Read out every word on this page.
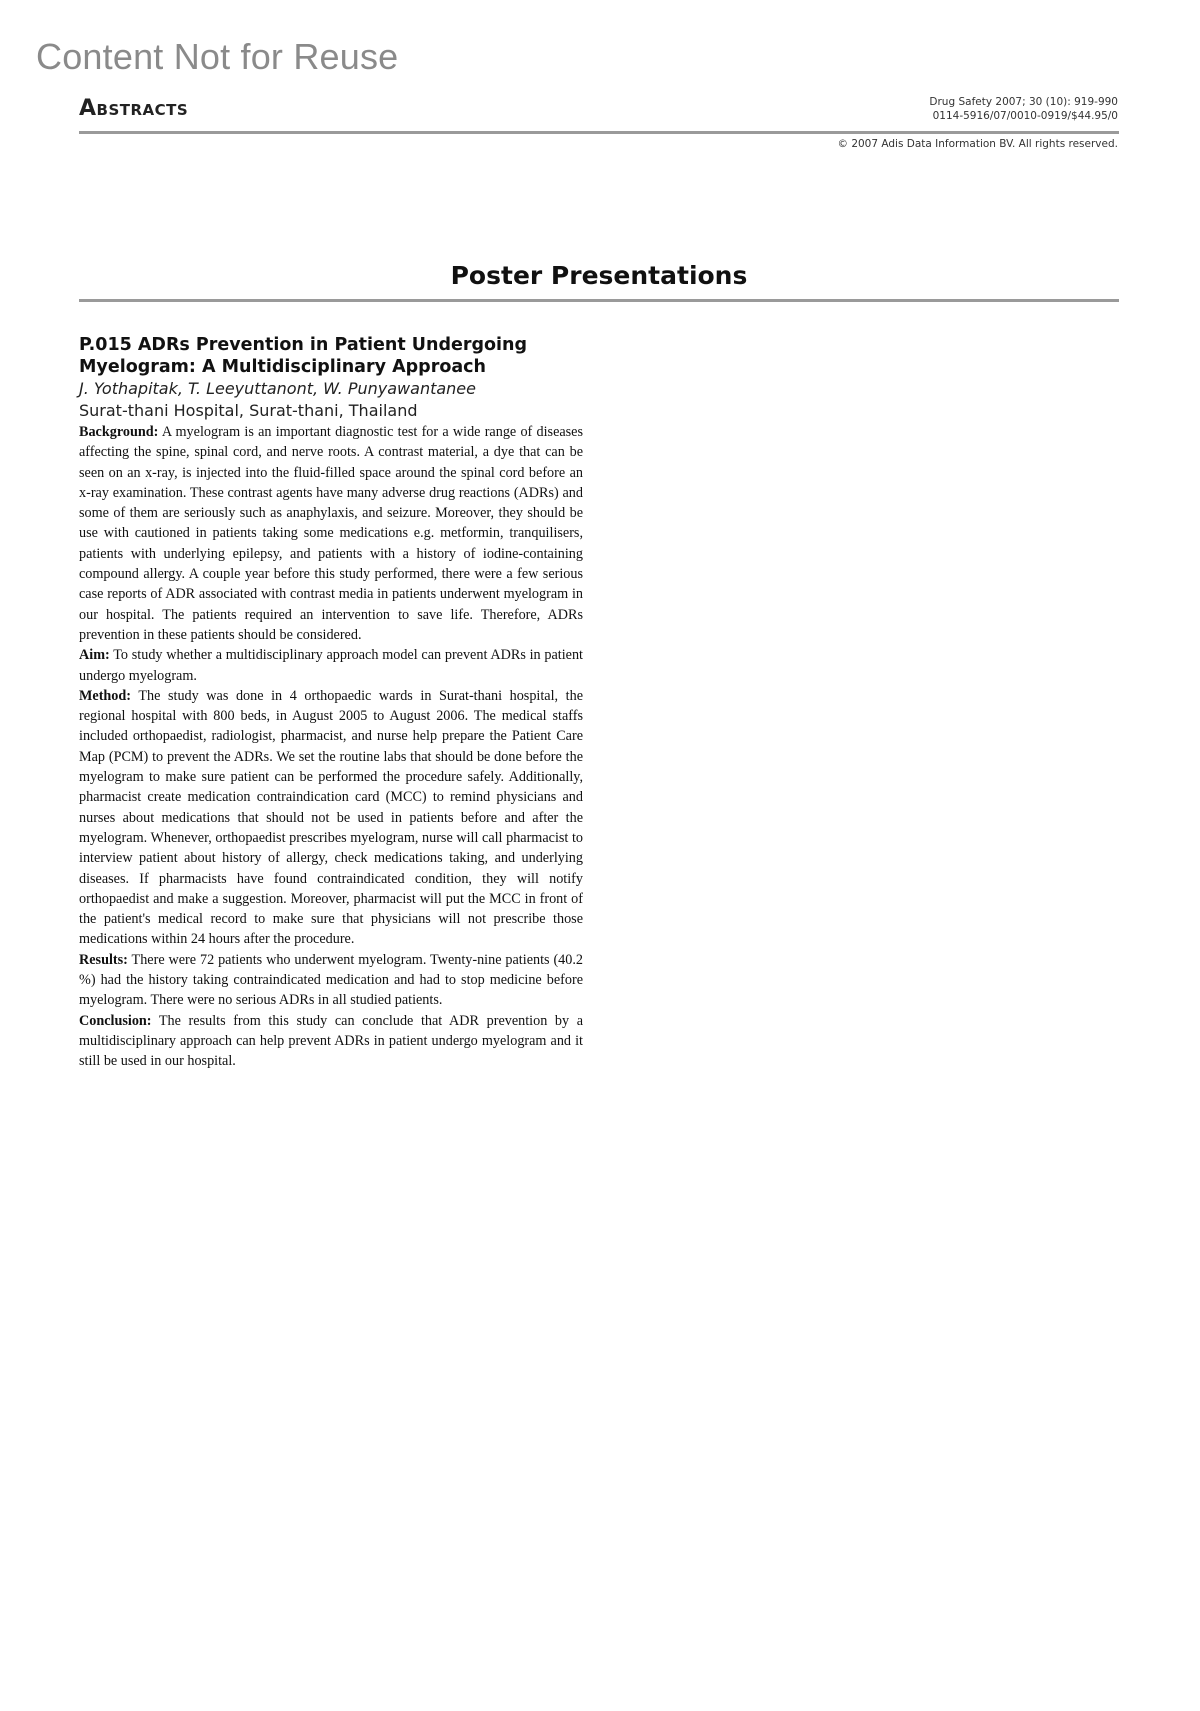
Content Not for Reuse
Abstracts	Drug Safety 2007; 30 (10): 919-990
0114-5916/07/0010-0919/$44.95/0
© 2007 Adis Data Information BV. All rights reserved.
Poster Presentations

P.015 ADRs Prevention in Patient Undergoing

Myelogram: A Multidisciplinary Approach

J. Yothapitak, T. Leeyuttanont, W. Punyawantanee

Surat-thani Hospital, Surat-thani, Thailand

Background: A myelogram is an important diagnostic test for a wide range of diseases affecting the spine, spinal cord, and nerve roots. A contrast material, a dye that can be seen on an x-ray, is injected into the fluid-filled space around the spinal cord before an x-ray examination. These contrast agents have many adverse drug reactions (ADRs) and some of them are seriously such as anaphylaxis, and seizure. Moreover, they should be use with cautioned in patients taking some medications e.g. metformin, tranquilisers, patients with underlying epilepsy, and patients with a history of iodine-containing compound allergy. A couple year before this study performed, there were a few serious case reports of ADR associated with contrast media in patients underwent myelogram in our hospital. The patients required an intervention to save life. Therefore, ADRs prevention in these patients should be considered.

Aim: To study whether a multidisciplinary approach model can prevent ADRs in patient undergo myelogram.

Method: The study was done in 4 orthopaedic wards in Surat-thani hospital, the regional hospital with 800 beds, in August 2005 to August 2006. The medical staffs included orthopaedist, radiologist, pharmacist, and nurse help prepare the Patient Care Map (PCM) to prevent the ADRs. We set the routine labs that should be done before the myelogram to make sure patient can be performed the procedure safely. Additionally, pharmacist create medication contraindication card (MCC) to remind physicians and nurses about medications that should not be used in patients before and after the myelogram. Whenever, orthopaedist prescribes myelogram, nurse will call pharmacist to interview patient about history of allergy, check medications taking, and underlying diseases. If pharmacists have found contraindicated condition, they will notify orthopaedist and make a suggestion. Moreover, pharmacist will put the MCC in front of the patient's medical record to make sure that physicians will not prescribe those medications within 24 hours after the procedure.

Results: There were 72 patients who underwent myelogram. Twenty-nine patients (40.2 %) had the history taking contraindicated medication and had to stop medicine before myelogram. There were no serious ADRs in all studied patients.

Conclusion: The results from this study can conclude that ADR prevention by a multidisciplinary approach can help prevent ADRs in patient undergo myelogram and it still be used in our hospital.
